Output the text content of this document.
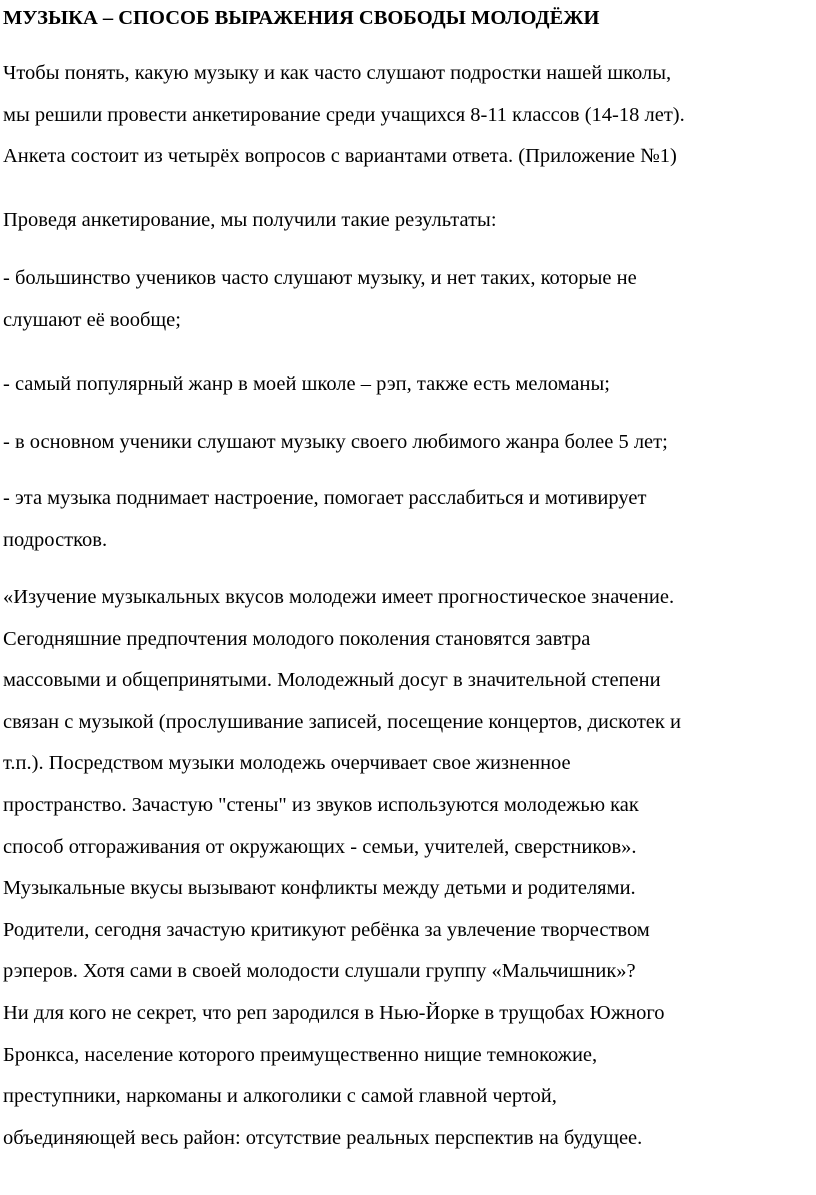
МУЗЫКА – СПОСОБ ВЫРАЖЕНИЯ СВОБОДЫ МОЛОДЁЖИ

Чтобы понять, какую музыку и как часто слушают подростки нашей школы,
мы решили провести анкетирование среди учащихся 8-11 классов (14-18 лет).
Анкета состоит из четырёх вопросов с вариантами ответа. (Приложение №1)

Проведя анкетирование, мы получили такие результаты:

- большинство учеников часто слушают музыку, и нет таких, которые не
слушают её вообще;

- самый популярный жанр в моей школе – рэп, также есть меломаны;

- в основном ученики слушают музыку своего любимого жанра более 5 лет;

- эта музыка поднимает настроение, помогает расслабиться и мотивирует
подростков.

«Изучение музыкальных вкусов молодежи имеет прогностическое значение.
Сегодняшние предпочтения молодого поколения становятся завтра
массовыми и общепринятыми. Молодежный досуг в значительной степени
связан с музыкой (прослушивание записей, посещение концертов, дискотек и
т.п.). Посредством музыки молодежь очерчивает свое жизненное
пространство. Зачастую "стены" из звуков используются молодежью как
способ отгораживания от окружающих - семьи, учителей, сверстников».
Музыкальные вкусы вызывают конфликты между детьми и родителями.
Родители, сегодня зачастую критикуют ребёнка за увлечение творчеством
рэперов. Хотя сами в своей молодости слушали группу «Мальчишник»?
Ни для кого не секрет, что реп зародился в Нью-Йорке в трущобах Южного
Бронкса, население которого преимущественно нищие темнокожие,
преступники, наркоманы и алкоголики с самой главной чертой,
объединяющей весь район: отсутствие реальных перспектив на будущее.
